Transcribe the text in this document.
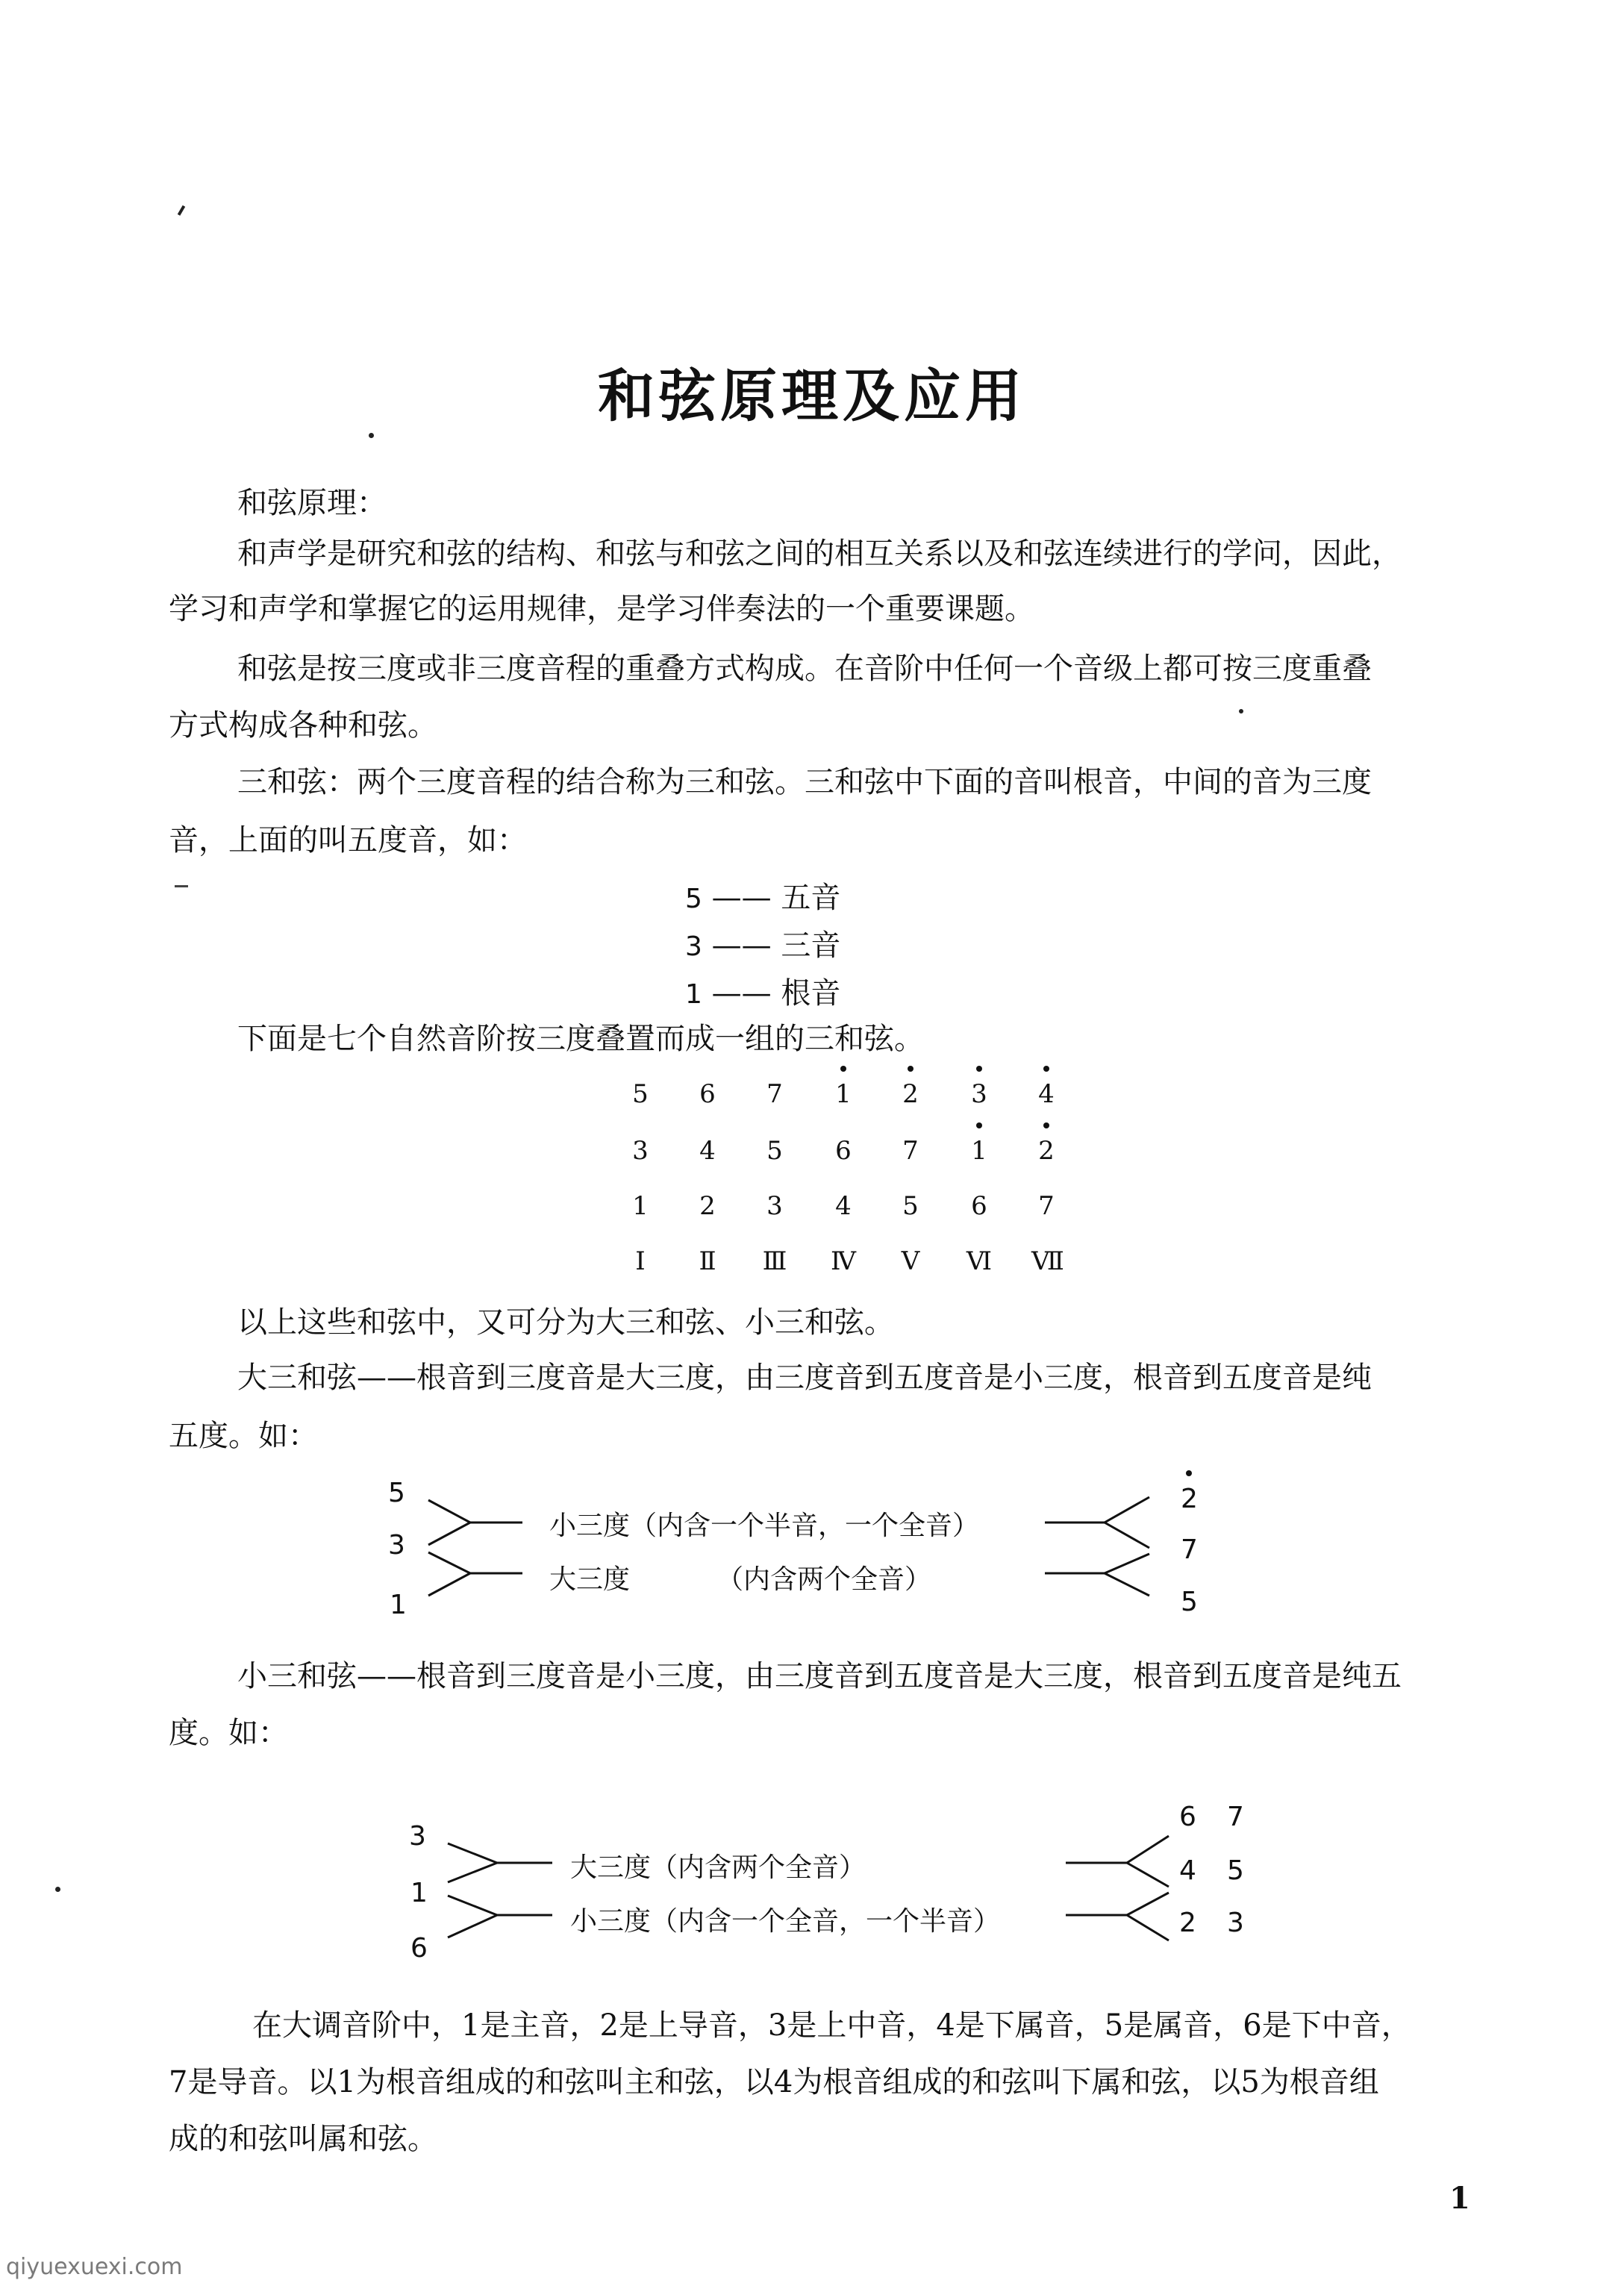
和弦原理及应用
和弦原理：
和声学是研究和弦的结构、和弦与和弦之间的相互关系以及和弦连续进行的学问，因此，
学习和声学和掌握它的运用规律，是学习伴奏法的一个重要课题。
和弦是按三度或非三度音程的重叠方式构成。在音阶中任何一个音级上都可按三度重叠
方式构成各种和弦。
三和弦：两个三度音程的结合称为三和弦。三和弦中下面的音叫根音，中间的音为三度
音，上面的叫五度音，如：
5 —— 五音
3 —— 三音
1 —— 根音
下面是七个自然音阶按三度叠置而成一组的三和弦。
5 6 7 1 2 3 4
3 4 5 6 7 1 2
1 2 3 4 5 6 7
Ⅰ	Ⅱ Ⅲ Ⅳ Ⅴ Ⅵ Ⅶ
以上这些和弦中，又可分为大三和弦、小三和弦。
大三和弦——根音到三度音是大三度，由三度音到五度音是小三度，根音到五度音是纯
五度。如：
5
3
1
小三度（内含一个半音，一个全音）
大三度	（内含两个全音）
2
7
5
小三和弦——根音到三度音是小三度，由三度音到五度音是大三度，根音到五度音是纯五
度。如：
3
1
6
大三度（内含两个全音）
小三度（内含一个全音，一个半音）
6 7
4 5
2 3
在大调音阶中，1是主音，2是上导音，3是上中音，4是下属音，5是属音，6是下中音，
7是导音。以1为根音组成的和弦叫主和弦，以4为根音组成的和弦叫下属和弦，以5为根音组
成的和弦叫属和弦。
1
qiyuexuexi.com
